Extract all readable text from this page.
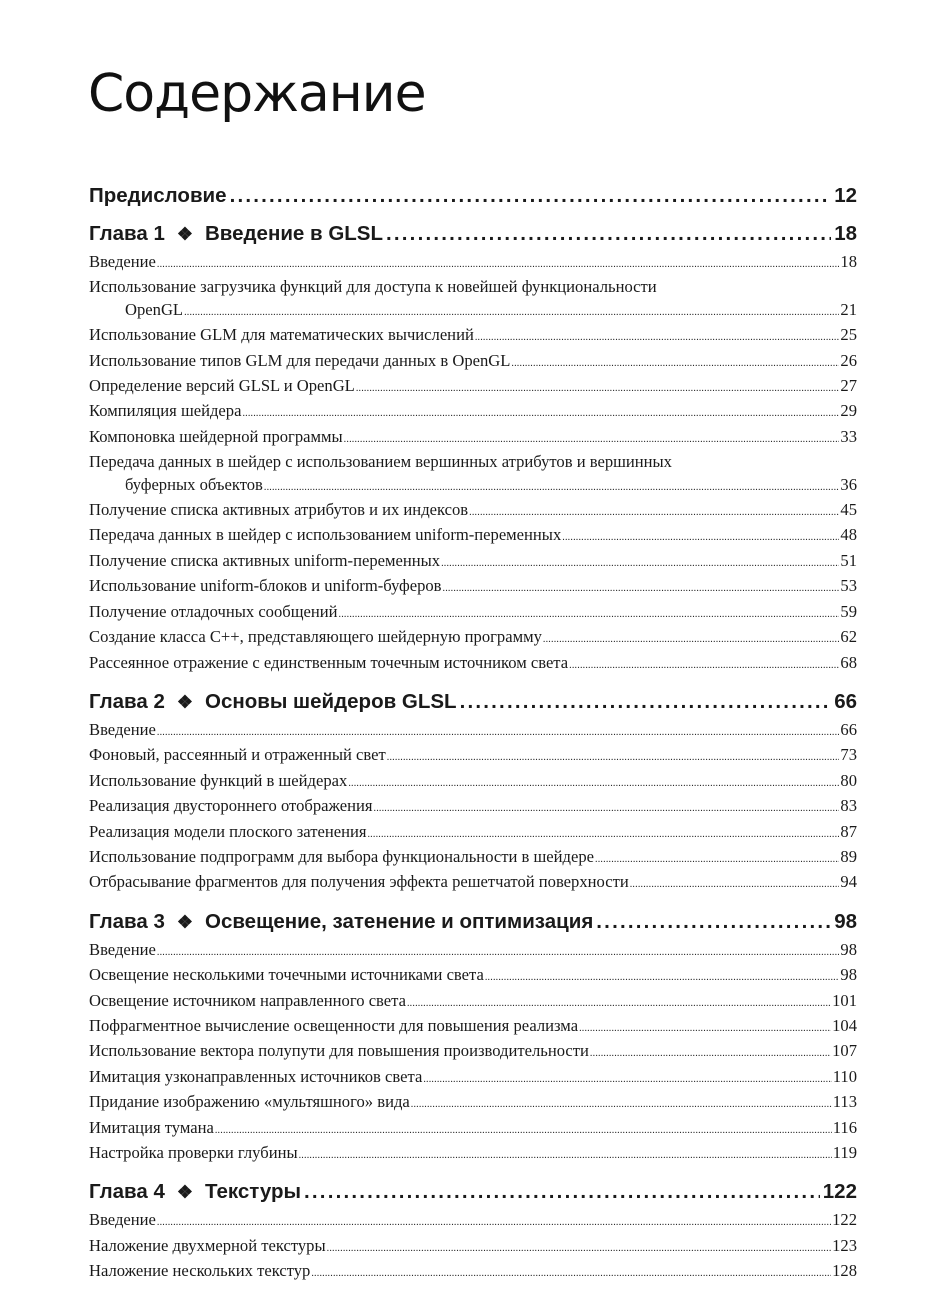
Содержание
Предисловие .....	12
Глава 1 ❖ Введение в GLSL .....	18
Введение .....	18
Использование загрузчика функций для доступа к новейшей функциональности
OpenGL .....	21
Использование GLM для математических вычислений .....	25
Использование типов GLM для передачи данных в OpenGL .....	26
Определение версий GLSL и OpenGL .....	27
Компиляция шейдера .....	29
Компоновка шейдерной программы .....	33
Передача данных в шейдер с использованием вершинных атрибутов и вершинных
буферных объектов .....	36
Получение списка активных атрибутов и их индексов .....	45
Передача данных в шейдер с использованием uniform-переменных .....	48
Получение списка активных uniform-переменных .....	51
Использование uniform-блоков и uniform-буферов .....	53
Получение отладочных сообщений .....	59
Создание класса C++, представляющего шейдерную программу .....	62
Рассеянное отражение с единственным точечным источником света .....	68
Глава 2 ❖ Основы шейдеров GLSL .....	66
Введение .....	66
Фоновый, рассеянный и отраженный свет .....	73
Использование функций в шейдерах .....	80
Реализация двустороннего отображения .....	83
Реализация модели плоского затенения .....	87
Использование подпрограмм для выбора функциональности в шейдере .....	89
Отбрасывание фрагментов для получения эффекта решетчатой поверхности .....	94
Глава 3 ❖ Освещение, затенение и оптимизация .....	98
Введение .....	98
Освещение несколькими точечными источниками света .....	98
Освещение источником направленного света .....	101
Пофрагментное вычисление освещенности для повышения реализма .....	104
Использование вектора полупути для повышения производительности .....	107
Имитация узконаправленных источников света .....	110
Придание изображению «мультяшного» вида .....	113
Имитация тумана .....	116
Настройка проверки глубины .....	119
Глава 4 ❖ Текстуры .....	122
Введение .....	122
Наложение двухмерной текстуры .....	123
Наложение нескольких текстур .....	128
